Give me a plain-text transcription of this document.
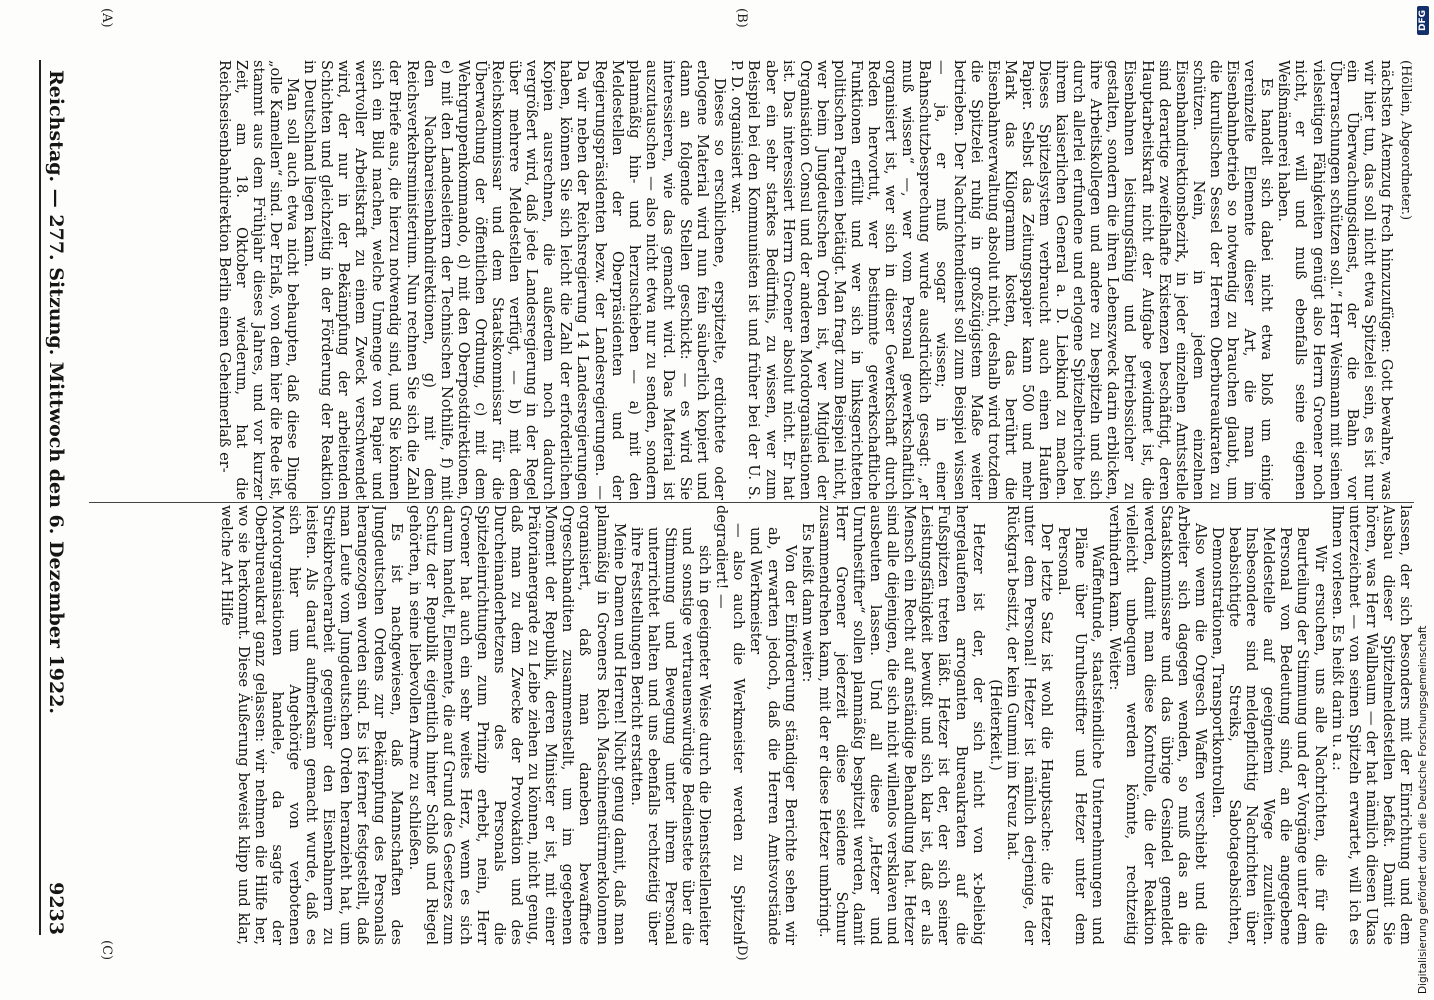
Reichstag. — 277. Sitzung. Mittwoch den 6. Dezember 1922.
9233
(A)	(B)
(C)	(D)

(Höllein, Abgeordneter.)

nächsten Atemzug frech hinzuzufügen: Gott bewahre, was wir hier tun, das soll nicht etwa Spitzelei sein, es ist nur ein Überwachungsdienst, der die Bahn vor Überraschungen schützen soll.“ Herr Weismann mit seinen vielseitigen Fähigkeiten genügt also Herrn Groener noch nicht, er will und muß ebenfalls seine eigenen Weißmännerei haben.

Es handelt sich dabei nicht etwa bloß um einige vereinzelte Elemente dieser Art, die man im Eisenbahnbetrieb so notwendig zu brauchen glaubt, um die kurulischen Sessel der Herren Oberbureaukraten zu schützen. Nein, in jedem einzelnen Eisenbahndirektionsbezirk, in jeder einzelnen Amtsstelle sind derartige zweifelhafte Existenzen beschäftigt, deren Hauptarbeitskraft nicht der Aufgabe gewidmet ist, die Eisenbahnen leistungsfähig und betriebssicher zu gestalten, sondern die ihren Lebenszweck darin erblicken, ihre Arbeitskollegen und andere zu bespitzeln und sich durch allerlei erfundene und erlogene Spitzelberichte bei ihrem kaiserlichen General a. D. Liebkind zu machen. Dieses Spitzelsystem verbraucht auch einen Haufen Papier. Selbst das Zeitungspapier kann 500 und mehr Mark das Kilogramm kosten, das berührt die Eisenbahnverwaltung absolut nicht, deshalb wird trotzdem die Spitzelei ruhig in großzügigstem Maße weiter betrieben. Der Nachrichtendienst soll zum Beispiel wissen — ja, er muß sogar wissen; in einer Bahnschutzbesprechung wurde ausdrücklich gesagt: „er muß wissen“ —, wer vom Personal gewerkschaftlich organisiert ist, wer sich in dieser Gewerkschaft durch Reden hervortut, wer bestimmte gewerkschaftliche Funktionen erfüllt und wer sich in linksgerichteten politischen Parteien betätigt. Man fragt zum Beispiel nicht, wer beim Jungdeutschen Orden ist, wer Mitglied der Organisation Consul und der anderen Mordorganisationen ist. Das interessiert Herrn Groener absolut nicht. Er hat aber ein sehr starkes Bedürfnis, zu wissen, wer zum Beispiel bei den Kommunisten ist und früher bei der U. S. P. D. organisiert war.

Dieses so erschlichene, erspitzelte, erdichtete oder erlogene Material wird nun fein säuberlich kopiert und dann an folgende Stellen geschickt: — es wird Sie interessieren, wie das gemacht wird. Das Material ist auszutauschen — also nicht etwa nur zu senden, sondern planmäßig hin- und herzuschieben — a) mit den Meldestellen der Oberpräsidenten und der Regierungspräsidenten bezw. der Landesregierungen. — Da wir neben der Reichsregierung 14 Landesregierungen haben, können Sie sich leicht die Zahl der erforderlichen Kopien ausrechnen, die außerdem noch dadurch vergrößert wird, daß jede Landesregierung in der Regel über mehrere Meldestellen verfügt, — b) mit dem Reichskommissar und dem Staatskommissar für die Überwachung der öffentlichen Ordnung, c) mit dem Wehrgruppenkommando, d) mit den Oberpostdirektionen, e) mit den Landesleitern der Technischen Nothilfe, f) mit den Nachbareisenbahndirektionen, g) mit dem Reichsverkehrsministerium. Nun rechnen Sie sich die Zahl der Briefe aus, die hierzu notwendig sind, und Sie können sich ein Bild machen, welche Unmenge von Papier und wertvoller Arbeitskraft zu einem Zweck verschwendet wird, der nur in der Bekämpfung der arbeitenden Schichten und gleichzeitig in der Förderung der Reaktion in Deutschland liegen kann.

Man soll auch etwa nicht behaupten, daß diese Dinge „olle Kamellen“ sind. Der Erlaß, von dem hier die Rede ist, stammt aus dem Frühjahr dieses Jahres, und vor kurzer Zeit, am 18. Oktober wiederum, hat die Reichseisenbahndirektion Berlin einen Geheimerlaß er-

lassen, der sich besonders mit der Einrichtung und dem Ausbau dieser Spitzelmeldestellen befaßt. Damit Sie hören, was Herr Wallbaum — der hat nämlich diesen Ukas unterzeichnet — von seinen Spitzeln erwartet, will ich es Ihnen vorlesen. Es heißt darin u. a.:

Wir ersuchen, uns alle Nachrichten, die für die Beurteilung der Stimmung und der Vorgänge unter dem Personal von Bedeutung sind, an die angegebene Meldestelle auf geeignetem Wege zuzuleiten. Insbesondere sind meldepflichtig Nachrichten über beabsichtigte Streiks, Sabotageabsichten, Demonstrationen, Transportkontrollen.

Also wenn die Orgesch Waffen verschiebt und die Arbeiter sich dagegen wenden, so muß das an die Staatskommissare und das übrige Gesindel gemeldet werden, damit man diese Kontrolle, die der Reaktion vielleicht unbequem werden könnte, rechtzeitig verhindern kann. Weiter:

Waffenfunde, staatsfeindliche Unternehmungen und Pläne über Unruhestifter und Hetzer unter dem Personal.

Der letzte Satz ist wohl die Hauptsache: die Hetzer unter dem Personal! Hetzer ist nämlich derjenige, der Rückgrat besitzt, der kein Gummi im Kreuz hat.

(Heiterkeit.)

Hetzer ist der, der sich nicht von x-beliebig hergelaufenen arroganten Bureaukraten auf die Fußspitzen treten läßt. Hetzer ist der, der sich seiner Leistungsfähigkeit bewußt und sich klar ist, daß er als Mensch ein Recht auf anständige Behandlung hat. Hetzer sind alle diejenigen, die sich nicht willenlos versklaven und ausbeuten lassen. Und all diese „Hetzer und Unruhestifter“ sollen planmäßig bespitzelt werden, damit Herr Groener jederzeit diese seidene Schnur zusammendrehen kann, mit der er diese Hetzer umbringt.

Es heißt dann weiter:

Von der Einforderung ständiger Berichte sehen wir ab, erwarten jedoch, daß die Herren Amtsvorstände und Werkmeister

— also auch die Werkmeister werden zu Spitzeln degradiert! —

sich in geeigneter Weise durch die Dienststellenleiter und sonstige vertrauenswürdige Bedienstete über die Stimmung und Bewegung unter ihrem Personal unterrichtet halten und uns ebenfalls rechtzeitig über ihre Feststellungen Bericht erstatten.

Meine Damen und Herren! Nicht genug damit, daß man planmäßig in Groeners Reich Maschinenstürmerkolonnen organisiert, daß man daneben bewaffnete Orgeschbanditen zusammenstellt, um im gegebenen Moment der Republik, deren Minister er ist, mit einer Prätorianergarde zu Leibe ziehen zu können, nicht genug, daß man zu dem Zwecke der Provokation und des Durcheinanderhetzens des Personals die Spitzeleinrichtungen zum Prinzip erhebt, nein, Herr Groener hat auch ein sehr weites Herz, wenn es sich darum handelt, Elemente, die auf Grund des Gesetzes zum Schutz der Republik eigentlich hinter Schloß und Riegel gehörten, in seine liebevollen Arme zu schließen.

Es ist nachgewiesen, daß Mannschaften des Jungdeutschen Ordens zur Bekämpfung des Personals herangezogen worden sind. Es ist ferner festgestellt, daß man Leute vom Jungdeutschen Orden heranzieht hat, um Streikbrecherarbeit gegenüber den Eisenbahnern zu leisten. Als darauf aufmerksam gemacht wurde, daß es sich hier um Angehörige von verbotenen Mordorganisationen handele, da sagte der Oberbureaukrat ganz gelassen: wir nehmen die Hilfe her, wo sie herkommt. Diese Äußerung beweist klipp und klar, welche Art Hilfe

Digitalisierung gefördert durch die Deutsche Forschungsgemeinschaft
DFG
